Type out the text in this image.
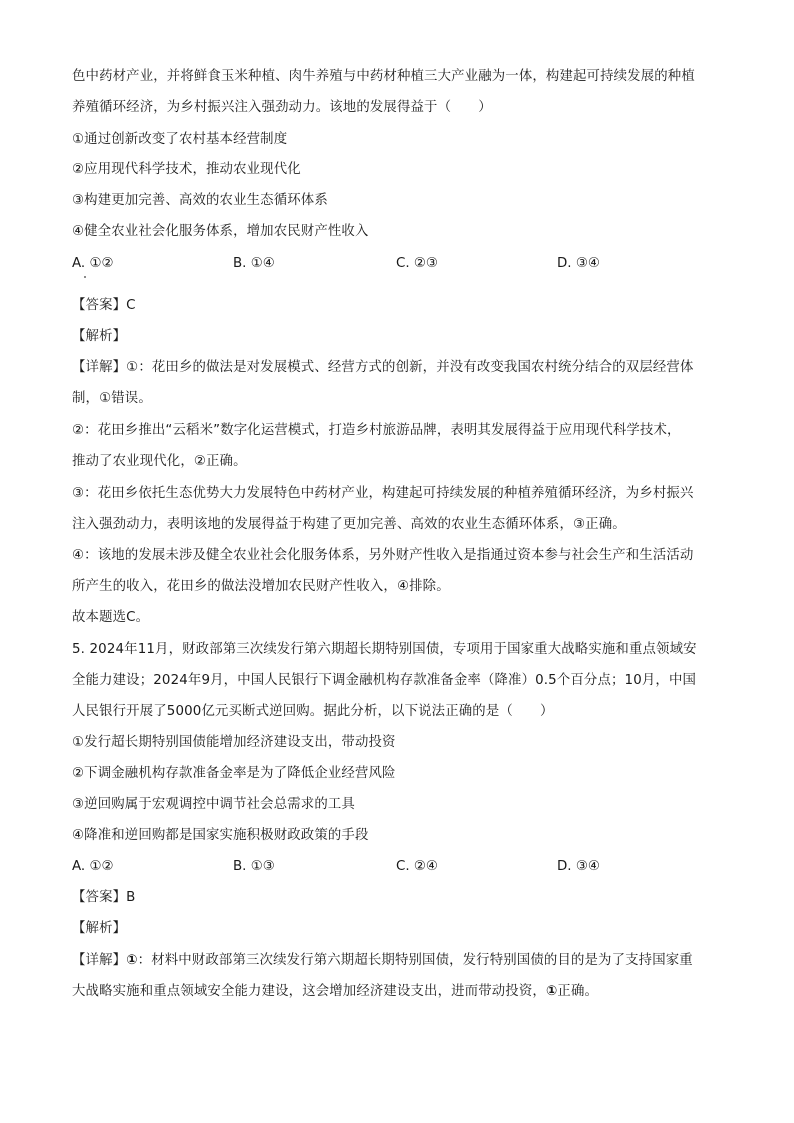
色中药材产业，并将鲜食玉米种植、肉牛养殖与中药材种植三大产业融为一体，构建起可持续发展的种植
养殖循环经济，为乡村振兴注入强劲动力。该地的发展得益于（　　）
①通过创新改变了农村基本经营制度
②应用现代科学技术，推动农业现代化
③构建更加完善、高效的农业生态循环体系
④健全农业社会化服务体系，增加农民财产性收入
A. ①②	B. ①④	C. ②③	D. ③④
【答案】C
【解析】
【详解】①：花田乡的做法是对发展模式、经营方式的创新，并没有改变我国农村统分结合的双层经营体
制，①错误。
②：花田乡推出“云稻米”数字化运营模式，打造乡村旅游品牌，表明其发展得益于应用现代科学技术，
推动了农业现代化，②正确。
③：花田乡依托生态优势大力发展特色中药材产业，构建起可持续发展的种植养殖循环经济，为乡村振兴
注入强劲动力，表明该地的发展得益于构建了更加完善、高效的农业生态循环体系，③正确。
④：该地的发展未涉及健全农业社会化服务体系，另外财产性收入是指通过资本参与社会生产和生活活动
所产生的收入，花田乡的做法没增加农民财产性收入，④排除。
故本题选C。
5. 2024年11月，财政部第三次续发行第六期超长期特别国债，专项用于国家重大战略实施和重点领域安
全能力建设；2024年9月，中国人民银行下调金融机构存款准备金率（降准）0.5个百分点；10月，中国
人民银行开展了5000亿元买断式逆回购。据此分析，以下说法正确的是（　　）
①发行超长期特别国债能增加经济建设支出，带动投资
②下调金融机构存款准备金率是为了降低企业经营风险
③逆回购属于宏观调控中调节社会总需求的工具
④降准和逆回购都是国家实施积极财政政策的手段
A. ①②	B. ①③	C. ②④	D. ③④
【答案】B
【解析】
【详解】①：材料中财政部第三次续发行第六期超长期特别国债，发行特别国债的目的是为了支持国家重
大战略实施和重点领域安全能力建设，这会增加经济建设支出，进而带动投资，①正确。
